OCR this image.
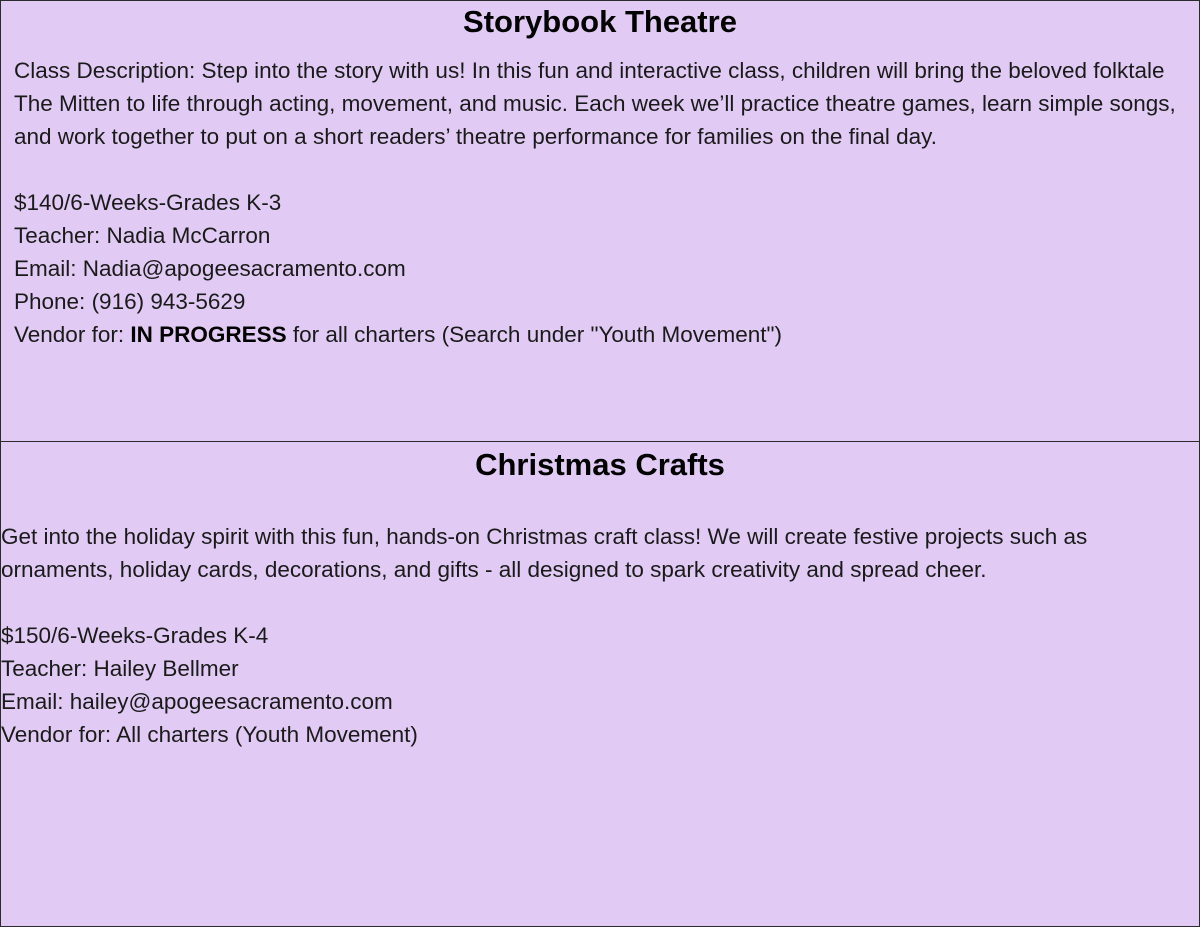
Storybook Theatre

Class Description: Step into the story with us! In this fun and interactive class, children will bring the beloved folktale The Mitten to life through acting, movement, and music. Each week we’ll practice theatre games, learn simple songs, and work together to put on a short readers’ theatre performance for families on the final day.

$140/6-Weeks-Grades K-3
Teacher: Nadia McCarron
Email: Nadia@apogeesacramento.com
Phone: (916) 943-5629
Vendor for: IN PROGRESS for all charters (Search under "Youth Movement")
Christmas Crafts

Get into the holiday spirit with this fun, hands-on Christmas craft class! We will create festive projects such as ornaments, holiday cards, decorations, and gifts - all designed to spark creativity and spread cheer.

$150/6-Weeks-Grades K-4
Teacher: Hailey Bellmer
Email: hailey@apogeesacramento.com
Vendor for: All charters (Youth Movement)
